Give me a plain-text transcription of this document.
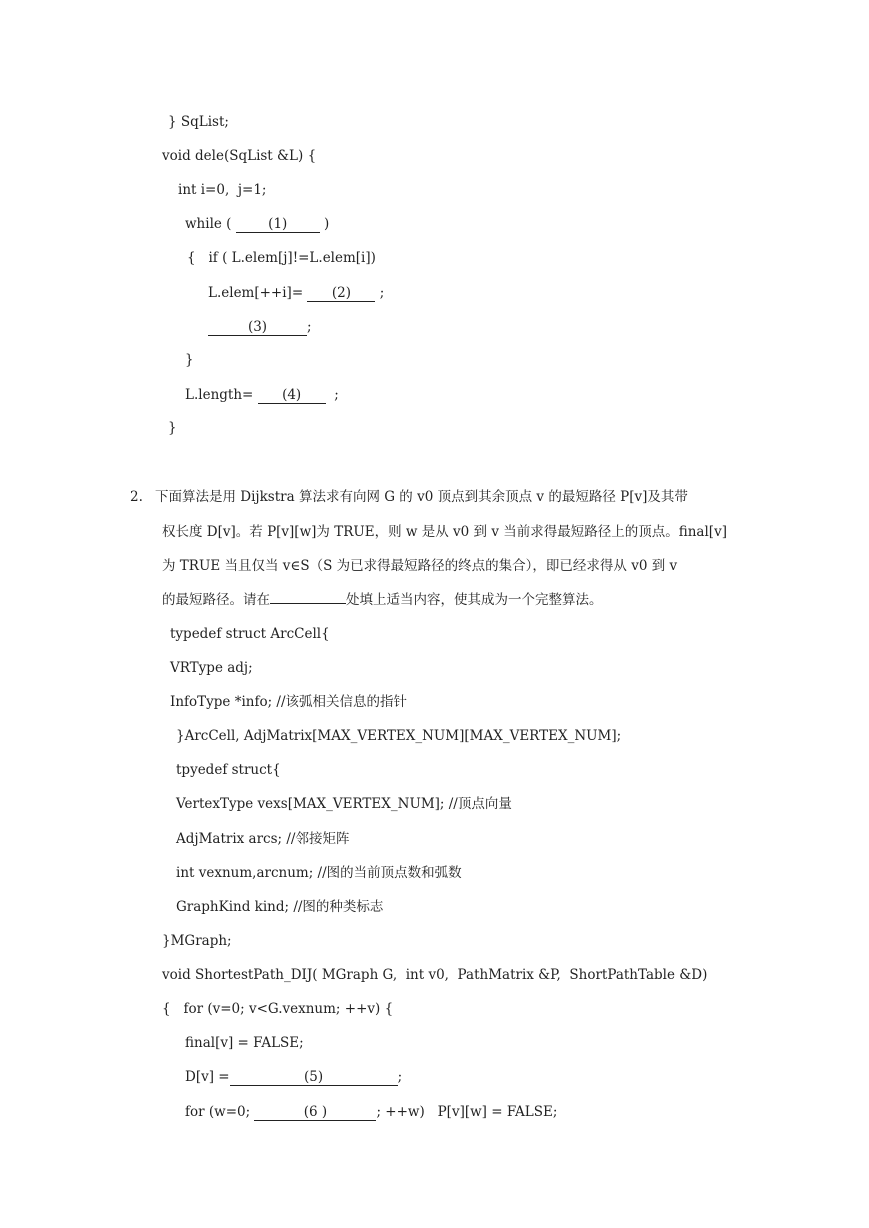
} SqList;
void dele(SqList &L) {
int i=0,  j=1;
while ( (1) )
{   if ( L.elem[j]!=L.elem[i])
L.elem[++i]= (2) ;
(3)	;
}
L.length= (4)  ;
}
2. 下面算法是用 Dijkstra 算法求有向网 G 的 v0 顶点到其余顶点 v 的最短路径 P[v]及其带
权长度 D[v]。若 P[v][w]为 TRUE，则 w 是从 v0 到 v 当前求得最短路径上的顶点。final[v]
为 TRUE 当且仅当 v∈S（S 为已求得最短路径的终点的集合），即已经求得从 v0 到 v
的最短路径。请在	处填上适当内容，使其成为一个完整算法。
typedef struct ArcCell{
VRType adj;
InfoType *info; //该弧相关信息的指针
}ArcCell, AdjMatrix[MAX_VERTEX_NUM][MAX_VERTEX_NUM];
tpyedef struct{
VertexType vexs[MAX_VERTEX_NUM]; //顶点向量
AdjMatrix arcs; //邻接矩阵
int vexnum,arcnum; //图的当前顶点数和弧数
GraphKind kind; //图的种类标志
}MGraph;
void ShortestPath_DIJ( MGraph G,  int v0,  PathMatrix &P,  ShortPathTable &D)
{   for (v=0; v<G.vexnum; ++v) {
final[v] = FALSE;
D[v] =	(5)	;
for (w=0;	(6 )	; ++w)   P[v][w] = FALSE;
